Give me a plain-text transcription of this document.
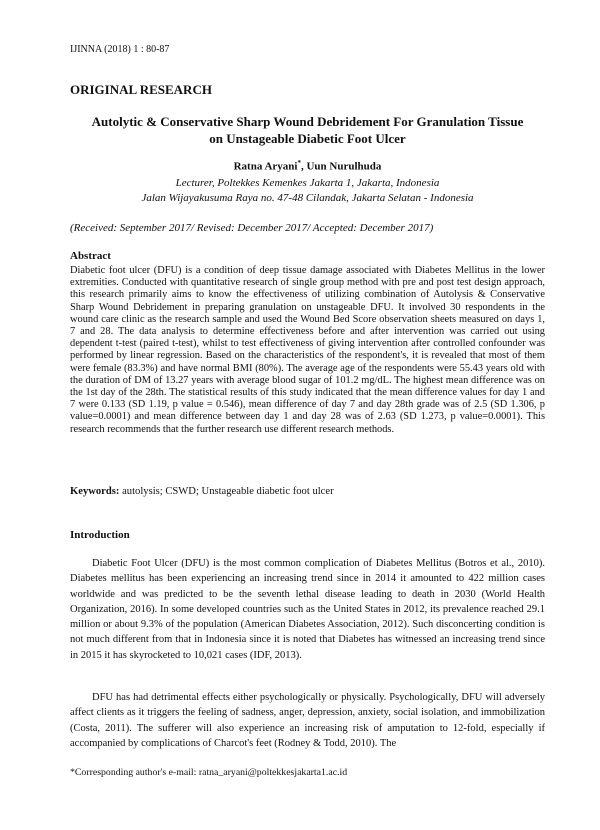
IJINNA (2018) 1 : 80-87
ORIGINAL RESEARCH
Autolytic & Conservative Sharp Wound Debridement For Granulation Tissue
on Unstageable Diabetic Foot Ulcer
Ratna Aryani*, Uun Nurulhuda
Lecturer, Poltekkes Kemenkes Jakarta 1, Jakarta, Indonesia
Jalan Wijayakusuma Raya no. 47-48 Cilandak, Jakarta Selatan - Indonesia
(Received: September 2017/ Revised: December 2017/ Accepted: December 2017)
Abstract
Diabetic foot ulcer (DFU) is a condition of deep tissue damage associated with Diabetes Mellitus in the lower extremities. Conducted with quantitative research of single group method with pre and post test design approach, this research primarily aims to know the effectiveness of utilizing combination of Autolysis & Conservative Sharp Wound Debridement in preparing granulation on unstageable DFU. It involved 30 respondents in the wound care clinic as the research sample and used the Wound Bed Score observation sheets measured on days 1, 7 and 28. The data analysis to determine effectiveness before and after intervention was carried out using dependent t-test (paired t-test), whilst to test effectiveness of giving intervention after controlled confounder was performed by linear regression. Based on the characteristics of the respondent's, it is revealed that most of them were female (83.3%) and have normal BMI (80%). The average age of the respondents were 55.43 years old with the duration of DM of 13.27 years with average blood sugar of 101.2 mg/dL. The highest mean difference was on the 1st day of the 28th. The statistical results of this study indicated that the mean difference values for day 1 and 7 were 0.133 (SD 1.19, p value = 0.546), mean difference of day 7 and day 28th grade was of 2.5 (SD 1.306, p value=0.0001) and mean difference between day 1 and day 28 was of 2.63 (SD 1.273, p value=0.0001). This research recommends that the further research use different research methods.
Keywords: autolysis; CSWD; Unstageable diabetic foot ulcer
Introduction
Diabetic Foot Ulcer (DFU) is the most common complication of Diabetes Mellitus (Botros et al., 2010). Diabetes mellitus has been experiencing an increasing trend since in 2014 it amounted to 422 million cases worldwide and was predicted to be the seventh lethal disease leading to death in 2030 (World Health Organization, 2016). In some developed countries such as the United States in 2012, its prevalence reached 29.1 million or about 9.3% of the population (American Diabetes Association, 2012). Such disconcerting condition is not much different from that in Indonesia since it is noted that Diabetes has witnessed an increasing trend since in 2015 it has skyrocketed to 10,021 cases (IDF, 2013).
DFU has had detrimental effects either psychologically or physically. Psychologically, DFU will adversely affect clients as it triggers the feeling of sadness, anger, depression, anxiety, social isolation, and immobilization (Costa, 2011). The sufferer will also experience an increasing risk of amputation to 12-fold, especially if accompanied by complications of Charcot's feet (Rodney & Todd, 2010). The
*Corresponding author's e-mail: ratna_aryani@poltekkesjakarta1.ac.id
